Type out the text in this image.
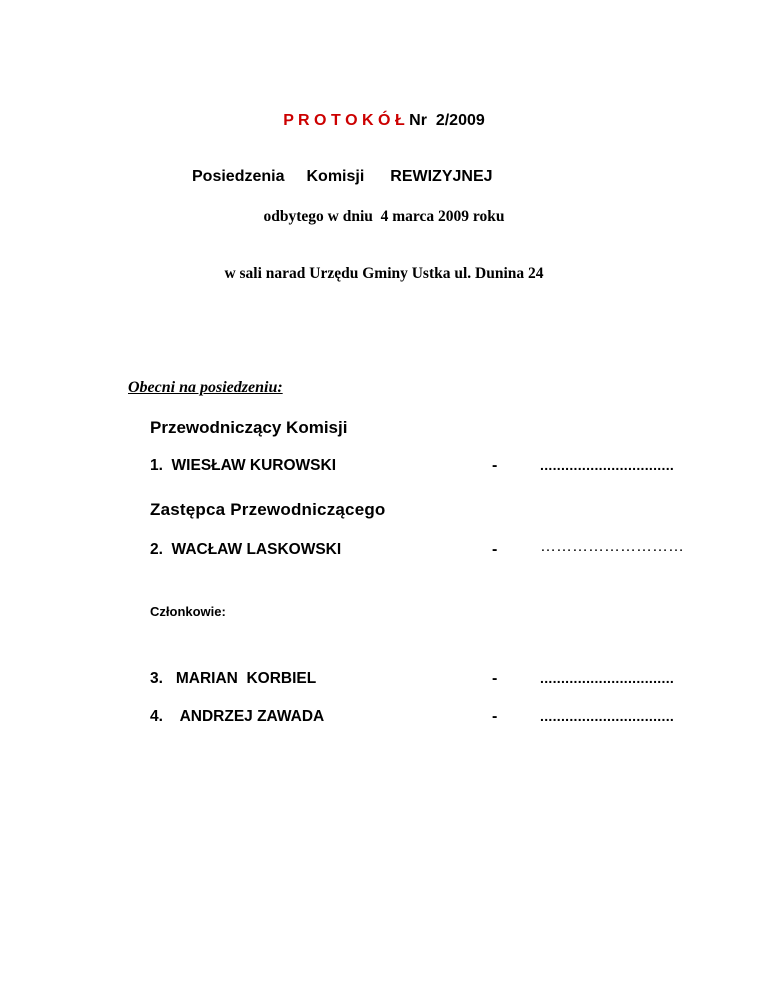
P R O T O K Ó Ł Nr  2/2009
Posiedzenia Komisji REWIZYJNEJ
odbytego w dniu  4 marca 2009 roku
w sali narad Urzędu Gminy Ustka ul. Dunina 24
Obecni na posiedzeniu:
Przewodniczący Komisji
1.  WIESŁAW KUROWSKI	-	................................
Zastępca Przewodniczącego
2.  WACŁAW LASKOWSKI	-	………………………
Członkowie:
3.   MARIAN  KORBIEL	-	................................
4.    ANDRZEJ ZAWADA	-	................................
